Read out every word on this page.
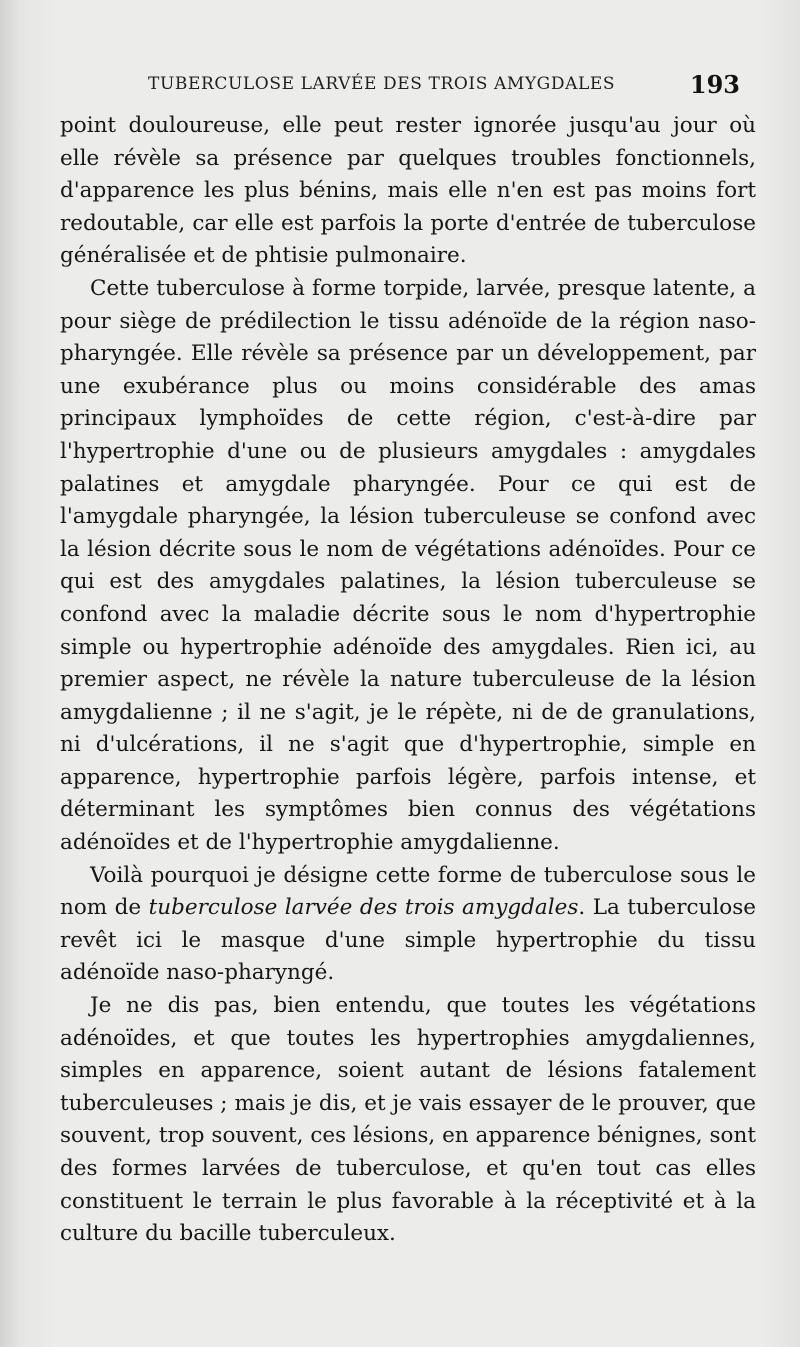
TUBERCULOSE LARVÉE DES TROIS AMYGDALES	193

point douloureuse, elle peut rester ignorée jusqu'au jour où elle révèle sa présence par quelques troubles fonctionnels, d'apparence les plus bénins, mais elle n'en est pas moins fort redoutable, car elle est parfois la porte d'entrée de tuberculose généralisée et de phtisie pulmonaire.

Cette tuberculose à forme torpide, larvée, presque latente, a pour siège de prédilection le tissu adénoïde de la région naso-pharyngée. Elle révèle sa présence par un développement, par une exubérance plus ou moins considérable des amas principaux lymphoïdes de cette région, c'est-à-dire par l'hypertrophie d'une ou de plusieurs amygdales : amygdales palatines et amygdale pharyngée. Pour ce qui est de l'amygdale pharyngée, la lésion tuberculeuse se confond avec la lésion décrite sous le nom de végétations adénoïdes. Pour ce qui est des amygdales palatines, la lésion tuberculeuse se confond avec la maladie décrite sous le nom d'hypertrophie simple ou hypertrophie adénoïde des amygdales. Rien ici, au premier aspect, ne révèle la nature tuberculeuse de la lésion amygdalienne ; il ne s'agit, je le répète, ni de de granulations, ni d'ulcérations, il ne s'agit que d'hypertrophie, simple en apparence, hypertrophie parfois légère, parfois intense, et déterminant les symptômes bien connus des végétations adénoïdes et de l'hypertrophie amygdalienne.

Voilà pourquoi je désigne cette forme de tuberculose sous le nom de tuberculose larvée des trois amygdales. La tuberculose revêt ici le masque d'une simple hypertrophie du tissu adénoïde naso-pharyngé.

Je ne dis pas, bien entendu, que toutes les végétations adénoïdes, et que toutes les hypertrophies amygdaliennes, simples en apparence, soient autant de lésions fatalement tuberculeuses ; mais je dis, et je vais essayer de le prouver, que souvent, trop souvent, ces lésions, en apparence bénignes, sont des formes larvées de tuberculose, et qu'en tout cas elles constituent le terrain le plus favorable à la réceptivité et à la culture du bacille tuberculeux.
